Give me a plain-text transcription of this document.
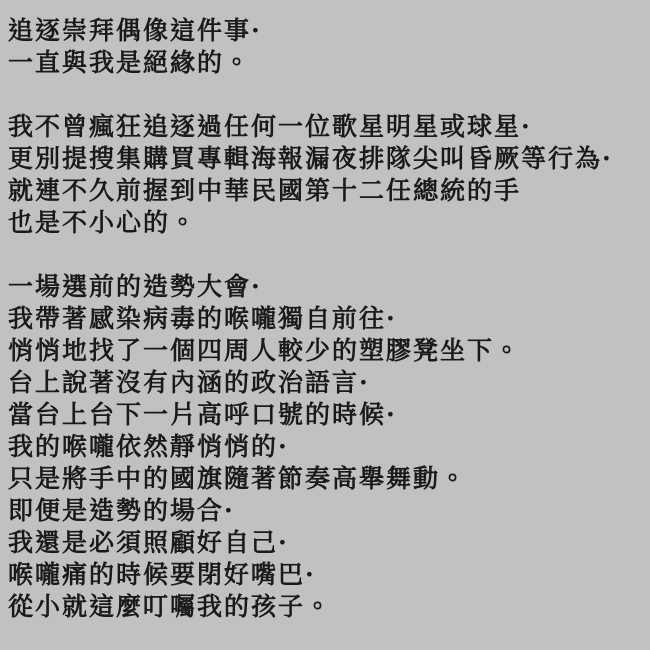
追逐崇拜偶像這件事·
一直與我是絕緣的。
我不曾瘋狂追逐過任何一位歌星明星或球星·
更別提搜集購買專輯海報漏夜排隊尖叫昏厥等行為·
就連不久前握到中華民國第十二任總統的手
也是不小心的。
一場選前的造勢大會·
我帶著感染病毒的喉嚨獨自前往·
悄悄地找了一個四周人較少的塑膠凳坐下。
台上說著沒有內涵的政治語言·
當台上台下一片高呼口號的時候·
我的喉嚨依然靜悄悄的·
只是將手中的國旗隨著節奏高舉舞動。
即便是造勢的場合·
我還是必須照顧好自己·
喉嚨痛的時候要閉好嘴巴·
從小就這麼叮囑我的孩子。
